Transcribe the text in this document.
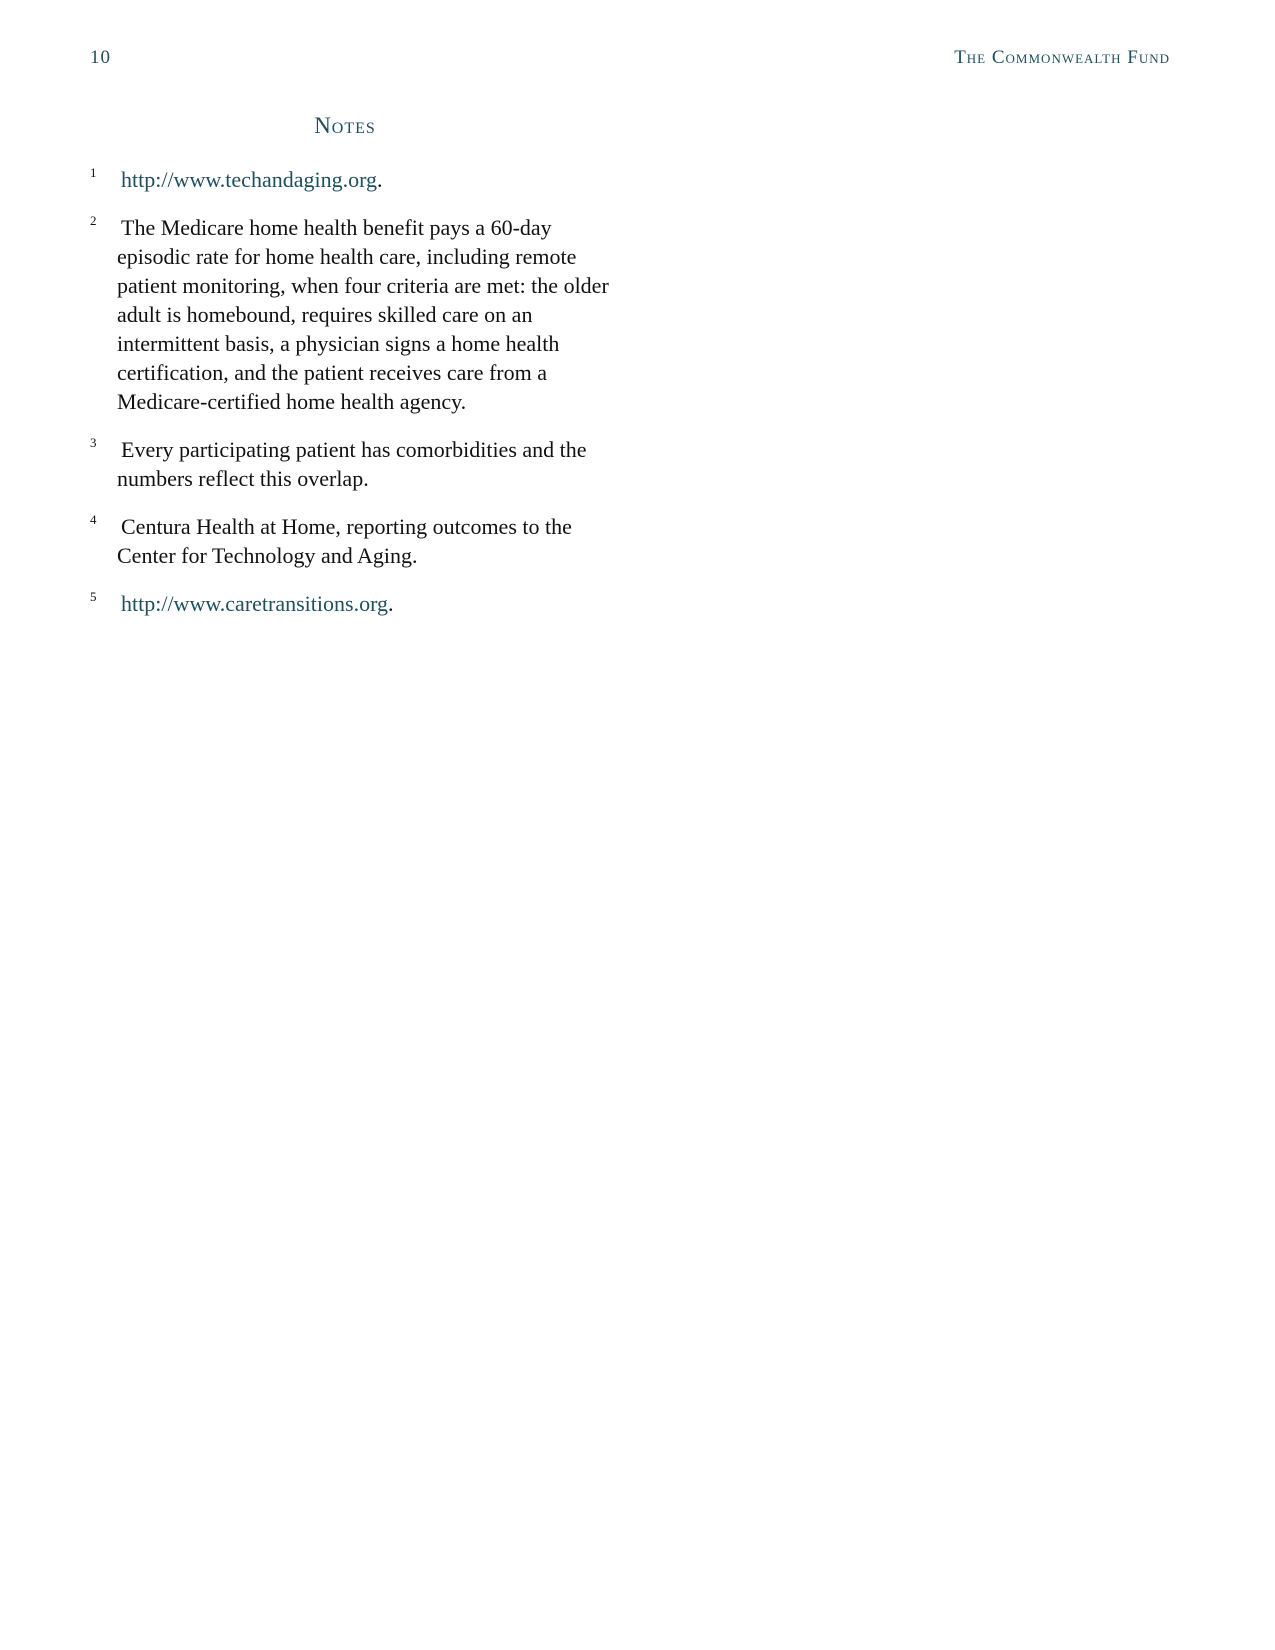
10	The Commonwealth Fund
Notes
1 http://www.techandaging.org.
2 The Medicare home health benefit pays a 60-day episodic rate for home health care, including remote patient monitoring, when four criteria are met: the older adult is homebound, requires skilled care on an intermittent basis, a physician signs a home health certification, and the patient receives care from a Medicare-certified home health agency.
3 Every participating patient has comorbidities and the numbers reflect this overlap.
4 Centura Health at Home, reporting outcomes to the Center for Technology and Aging.
5 http://www.caretransitions.org.
